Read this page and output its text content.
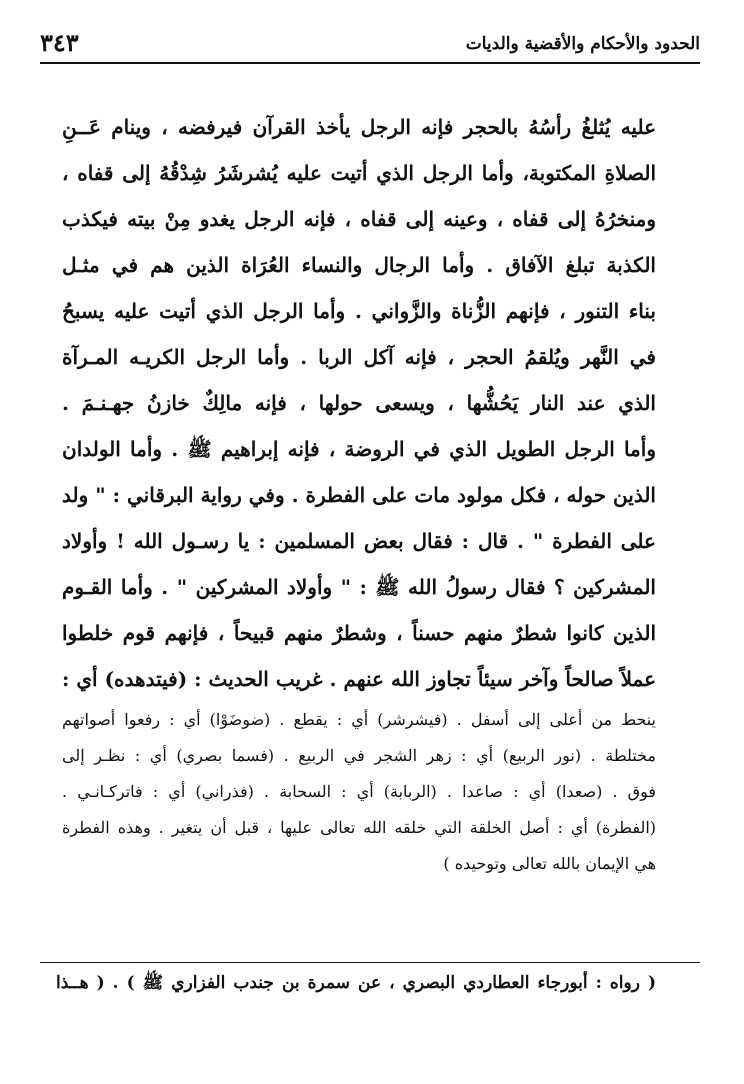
الحدود والأحكام والأقضية والديات
٣٤٣
عليه يُثلغُ رأسُهُ بالحجر فإنه الرجل يأخذ القرآن فيرفضه ، وينام عَــنِ
الصلاةِ المكتوبة، وأما الرجل الذي أتيت عليه يُشرشَرُ شِدْقُهُ إلى قفاه ،
ومنخرُهُ إلى قفاه ، وعينه إلى قفاه ، فإنه الرجل يغدو مِنْ بيته فيكذب
الكذبة تبلغ الآفاق . وأما الرجال والنساء العُرَاة الذين هم في مثـل
بناء التنور ، فإنهم الزُّناة والزَّواني . وأما الرجل الذي أتيت عليه يسبحُ
في النَّهر ويُلقمُ الحجر ، فإنه آكل الربا . وأما الرجل الكريـه المـرآة
الذي عند النار يَحُشُّها ، ويسعى حولها ، فإنه مالِكٌ خازنُ جهـنـمَ .
وأما الرجل الطويل الذي في الروضة ، فإنه إبراهيم ﷺ . وأما الولدان
الذين حوله ، فكل مولود مات على الفطرة . وفي رواية البرقاني : " ولد
على الفطرة " . قال : فقال بعض المسلمين : يا رسـول الله ! وأولاد
المشركين ؟ فقال رسولُ الله ﷺ : " وأولاد المشركين " . وأما القـوم
الذين كانوا شطرٌ منهم حسناً ، وشطرٌ منهم قبيحاً ، فإنهم قوم خلطوا
عملاً صالحاً وآخر سيئاً تجاوز الله عنهم . غريب الحديث : (فيتدهده) أي :
ينحط من أعلى إلى أسفل . (فيشرشر) أي : يقطع . (ضوضَوْا) أي : رفعوا أصواتهم
مختلطة . (نور الربيع) أي : زهر الشجر في الربيع . (فسما بصري) أي : نظـر إلى
فوق . (صعدا) أي : صاعدا . (الربابة) أي : السحابة . (فذراني) أي : فاتركـانـي .
(الفطرة) أي : أصل الخلقة التي خلقه الله تعالى عليها ، قبل أن يتغير . وهذه الفطرة
هي الإيمان بالله تعالى وتوحيده )
( رواه : أبورجاء العطاردي البصري ، عن سمرة بن جندب الفزاري ﷺ ) . ( هــذا
